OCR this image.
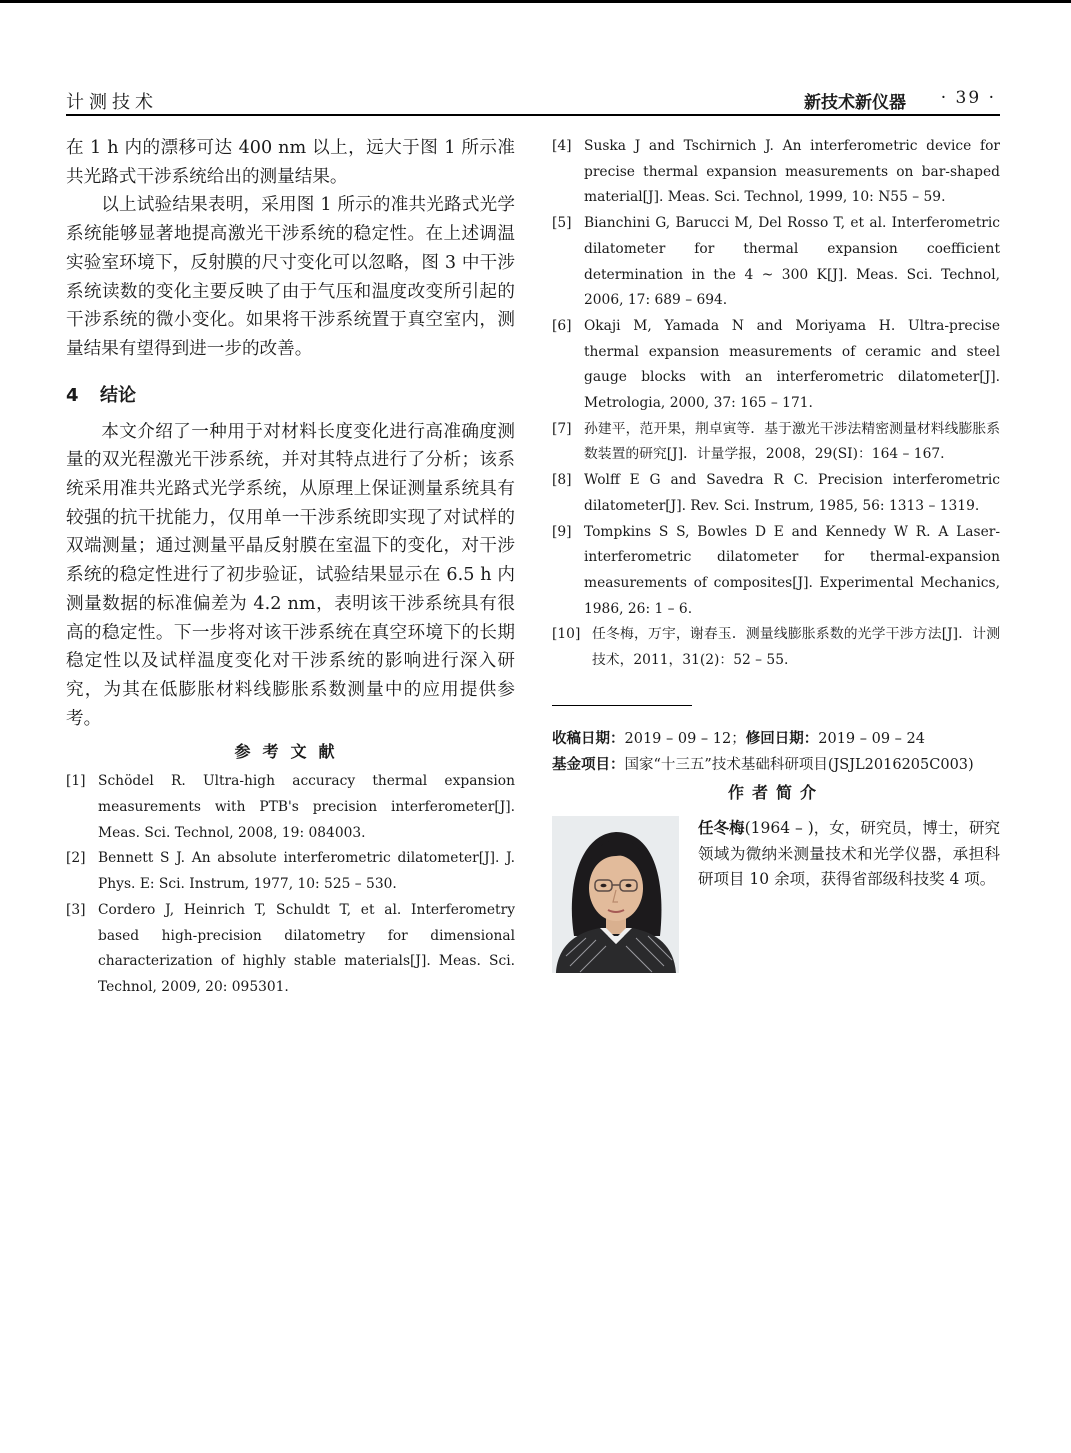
计测技术	新技术新仪器 · 39 ·

在 1 h 内的漂移可达 400 nm 以上，远大于图 1 所示准共光路式干涉系统给出的测量结果。

以上试验结果表明，采用图 1 所示的准共光路式光学系统能够显著地提高激光干涉系统的稳定性。在上述调温实验室环境下，反射膜的尺寸变化可以忽略，图 3 中干涉系统读数的变化主要反映了由于气压和温度改变所引起的干涉系统的微小变化。如果将干涉系统置于真空室内，测量结果有望得到进一步的改善。

4 结论

本文介绍了一种用于对材料长度变化进行高准确度测量的双光程激光干涉系统，并对其特点进行了分析；该系统采用准共光路式光学系统，从原理上保证测量系统具有较强的抗干扰能力，仅用单一干涉系统即实现了对试样的双端测量；通过测量平晶反射膜在室温下的变化，对干涉系统的稳定性进行了初步验证，试验结果显示在 6.5 h 内测量数据的标准偏差为 4.2 nm，表明该干涉系统具有很高的稳定性。下一步将对该干涉系统在真空环境下的长期稳定性以及试样温度变化对干涉系统的影响进行深入研究，为其在低膨胀材料线膨胀系数测量中的应用提供参考。

参考文献

[1] Schödel R. Ultra-high accuracy thermal expansion measurements with PTB's precision interferometer[J]. Meas. Sci. Technol, 2008, 19: 084003.

[2] Bennett S J. An absolute interferometric dilatometer[J]. J. Phys. E: Sci. Instrum, 1977, 10: 525 – 530.

[3] Cordero J, Heinrich T, Schuldt T, et al. Interferometry based high-precision dilatometry for dimensional characterization of highly stable materials[J]. Meas. Sci. Technol, 2009, 20: 095301.

[4] Suska J and Tschirnich J. An interferometric device for precise thermal expansion measurements on bar-shaped material[J]. Meas. Sci. Technol, 1999, 10: N55 – 59.

[5] Bianchini G, Barucci M, Del Rosso T, et al. Interferometric dilatometer for thermal expansion coefficient determination in the 4 ~ 300 K[J]. Meas. Sci. Technol, 2006, 17: 689 – 694.

[6] Okaji M, Yamada N and Moriyama H. Ultra-precise thermal expansion measurements of ceramic and steel gauge blocks with an interferometric dilatometer[J]. Metrologia, 2000, 37: 165 – 171.

[7] 孙建平，范开果，荆卓寅等．基于激光干涉法精密测量材料线膨胀系数装置的研究[J]．计量学报，2008，29(SI)：164 – 167.

[8] Wolff E G and Savedra R C. Precision interferometric dilatometer[J]. Rev. Sci. Instrum, 1985, 56: 1313 – 1319.

[9] Tompkins S S, Bowles D E and Kennedy W R. A Laser-interferometric dilatometer for thermal-expansion measurements of composites[J]. Experimental Mechanics, 1986, 26: 1 – 6.

[10] 任冬梅，万宇，谢春玉．测量线膨胀系数的光学干涉方法[J]．计测技术，2011，31(2)：52 – 55.

收稿日期：2019 – 09 – 12；修回日期：2019 – 09 – 24
基金项目：国家“十三五”技术基础科研项目(JSJL2016205C003)
作者简介
任冬梅(1964 – )，女，研究员，博士，研究领域为微纳米测量技术和光学仪器，承担科研项目 10 余项，获得省部级科技奖 4 项。
